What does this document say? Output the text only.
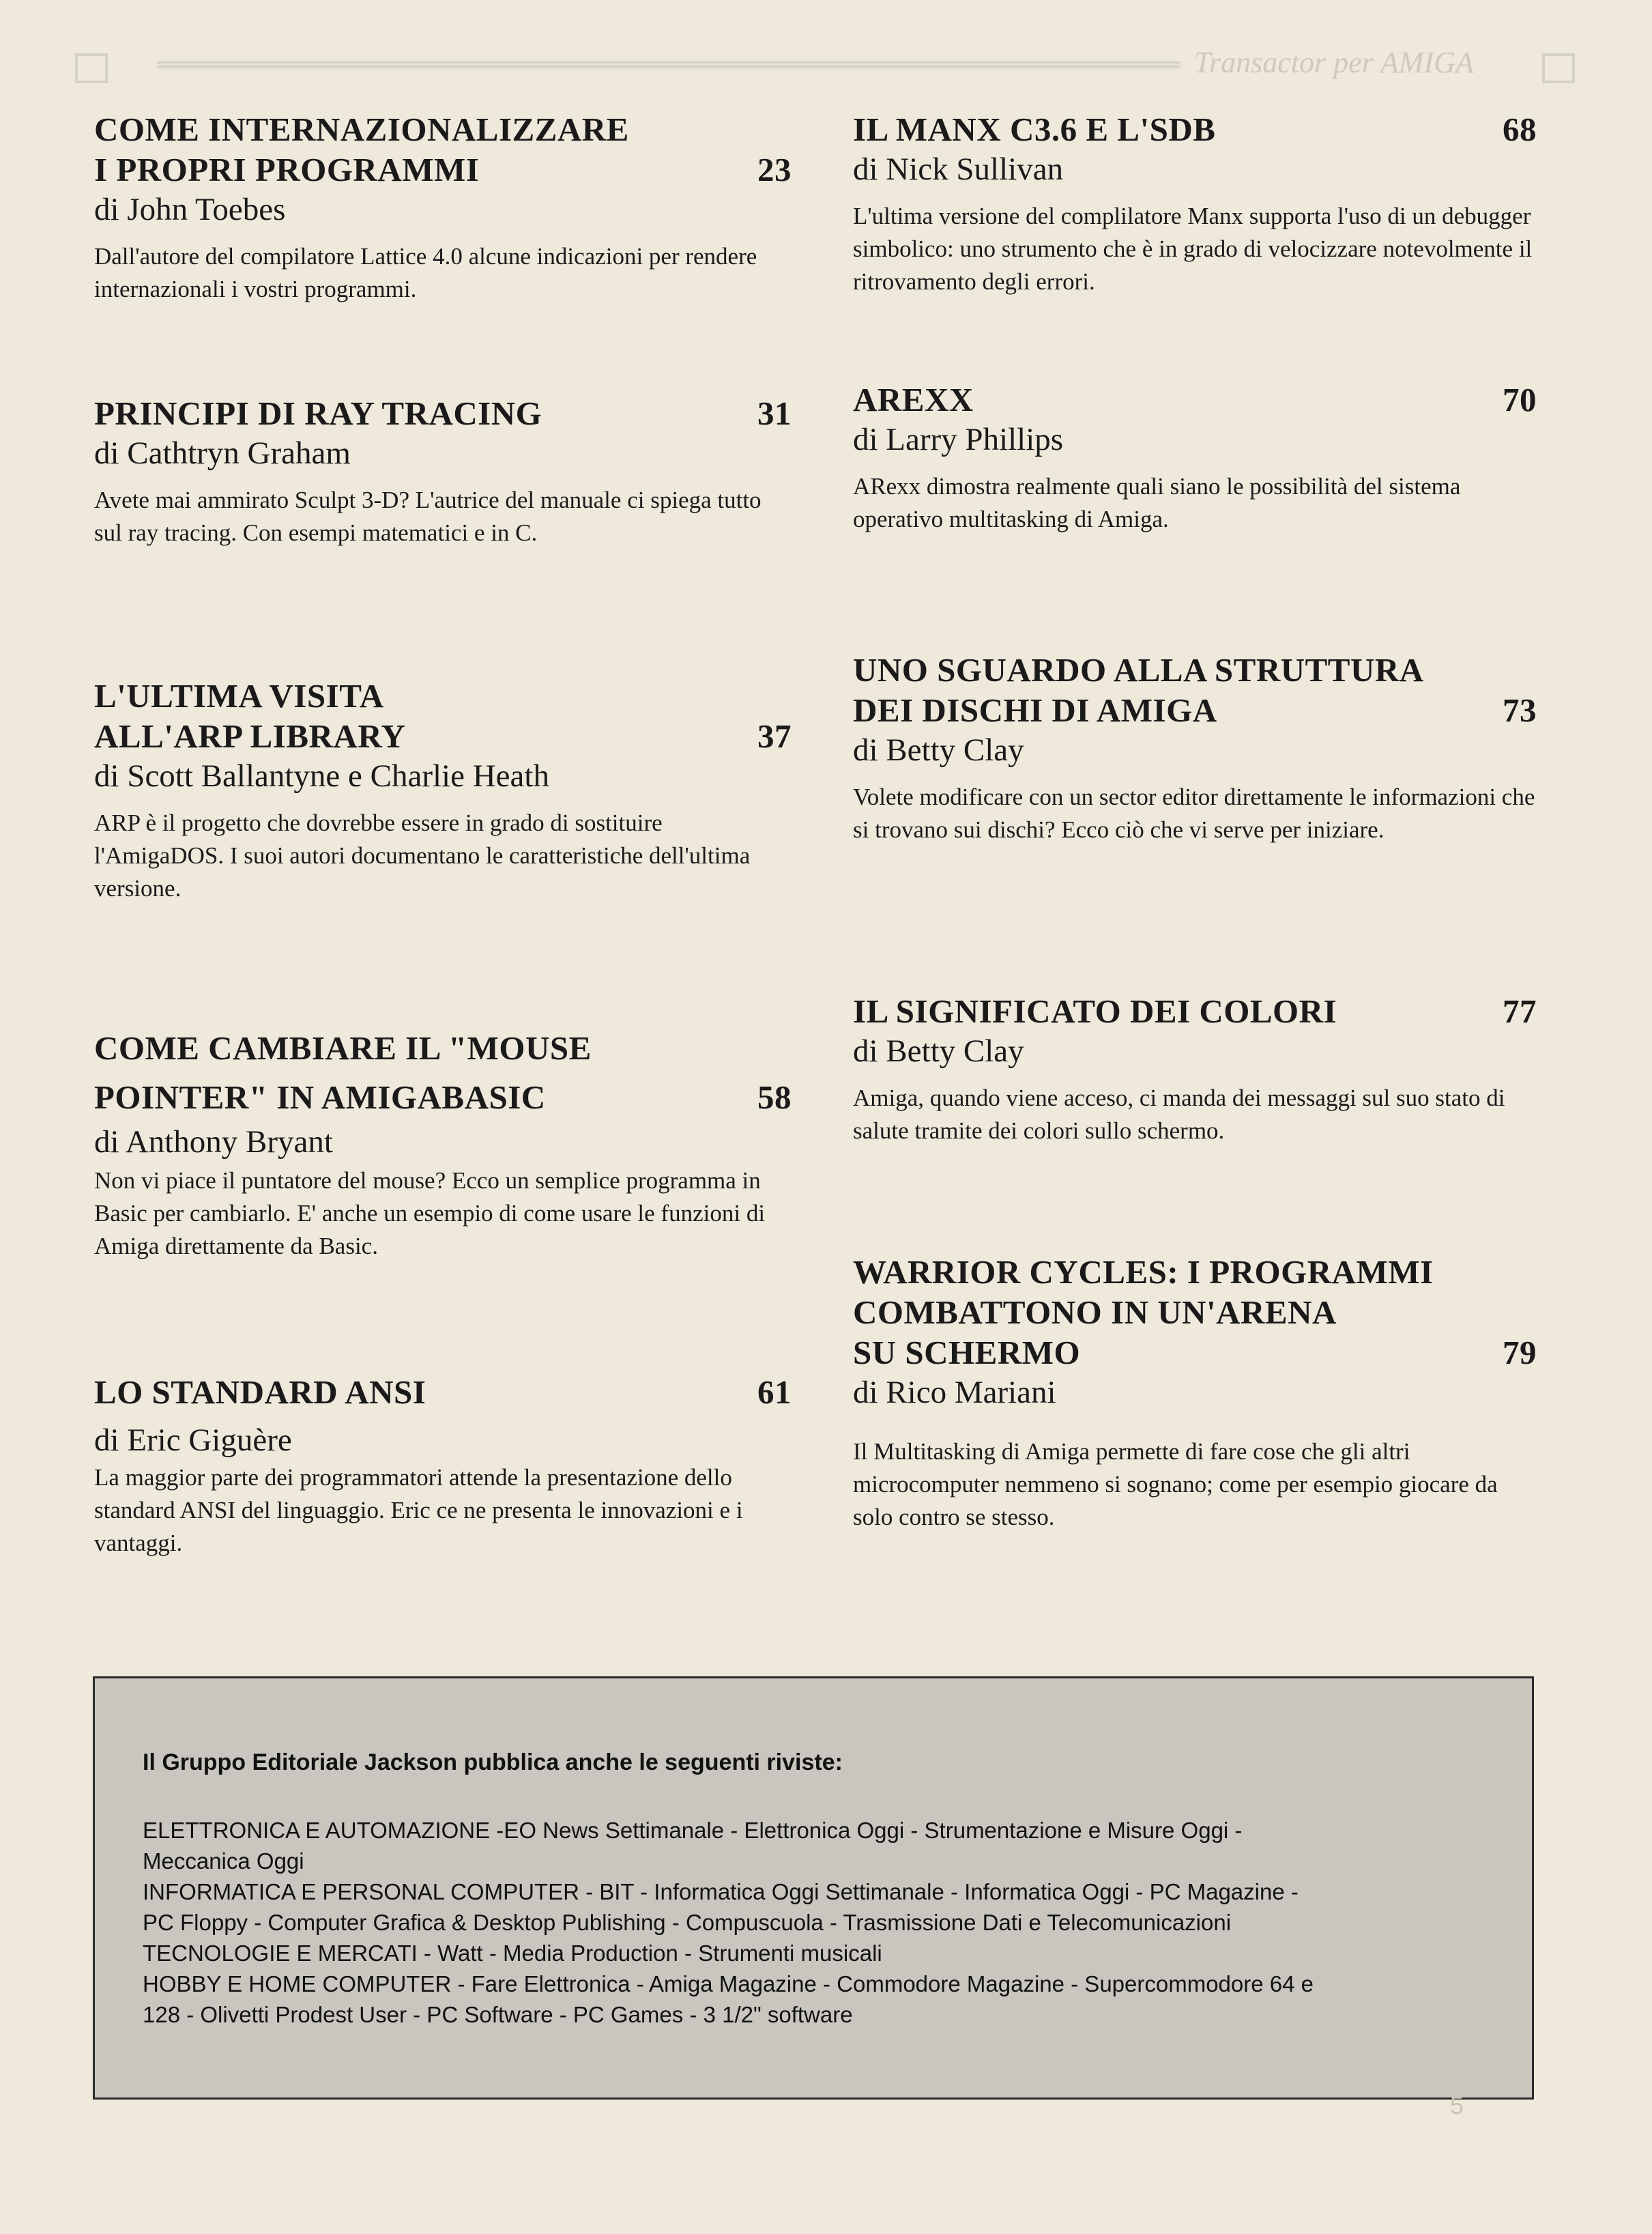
Transactor per AMIGA
COME INTERNAZIONALIZZARE
I PROPRI PROGRAMMI	23
di John Toebes
Dall'autore del compilatore Lattice 4.0 alcune indicazioni per rendere internazionali i vostri programmi.
PRINCIPI DI RAY TRACING	31
di Cathtryn Graham
Avete mai ammirato Sculpt 3-D? L'autrice del manuale ci spiega tutto sul ray tracing. Con esempi matematici e in C.
L'ULTIMA VISITA
ALL'ARP LIBRARY	37
di Scott Ballantyne e Charlie Heath
ARP è il progetto che dovrebbe essere in grado di sostituire l'AmigaDOS. I suoi autori documentano le caratteristiche dell'ultima versione.
COME CAMBIARE IL "MOUSE
POINTER" IN AMIGABASIC	58
di Anthony Bryant
Non vi piace il puntatore del mouse? Ecco un semplice programma in Basic per cambiarlo. E' anche un esempio di come usare le funzioni di Amiga direttamente da Basic.
LO STANDARD ANSI	61
di Eric Giguère
La maggior parte dei programmatori attende la presentazione dello standard ANSI del linguaggio. Eric ce ne presenta le innovazioni e i vantaggi.
IL MANX C3.6 E L'SDB	68
di Nick Sullivan
L'ultima versione del complilatore Manx supporta l'uso di un debugger simbolico: uno strumento che è in grado di velocizzare notevolmente il ritrovamento degli errori.
AREXX	70
di Larry Phillips
ARexx dimostra realmente quali siano le possibilità del sistema operativo multitasking di Amiga.
UNO SGUARDO ALLA STRUTTURA
DEI DISCHI DI AMIGA	73
di Betty Clay
Volete modificare con un sector editor direttamente le informazioni che si trovano sui dischi? Ecco ciò che vi serve per iniziare.
IL SIGNIFICATO DEI COLORI	77
di Betty Clay
Amiga, quando viene acceso, ci manda dei messaggi sul suo stato di salute tramite dei colori sullo schermo.
WARRIOR CYCLES: I PROGRAMMI
COMBATTONO IN UN'ARENA
SU SCHERMO	79
di Rico Mariani
Il Multitasking di Amiga permette di fare cose che gli altri microcomputer nemmeno si sognano; come per esempio giocare da solo contro se stesso.
Il Gruppo Editoriale Jackson pubblica anche le seguenti riviste:
ELETTRONICA E AUTOMAZIONE -EO News Settimanale - Elettronica Oggi - Strumentazione e Misure Oggi -
Meccanica Oggi
INFORMATICA E PERSONAL COMPUTER - BIT - Informatica Oggi Settimanale - Informatica Oggi - PC Magazine -
PC Floppy - Computer Grafica & Desktop Publishing - Compuscuola - Trasmissione Dati e Telecomunicazioni
TECNOLOGIE E MERCATI - Watt - Media Production - Strumenti musicali
HOBBY E HOME COMPUTER - Fare Elettronica - Amiga Magazine - Commodore Magazine - Supercommodore 64 e
128 - Olivetti Prodest User - PC Software - PC Games - 3 1/2" software
5
